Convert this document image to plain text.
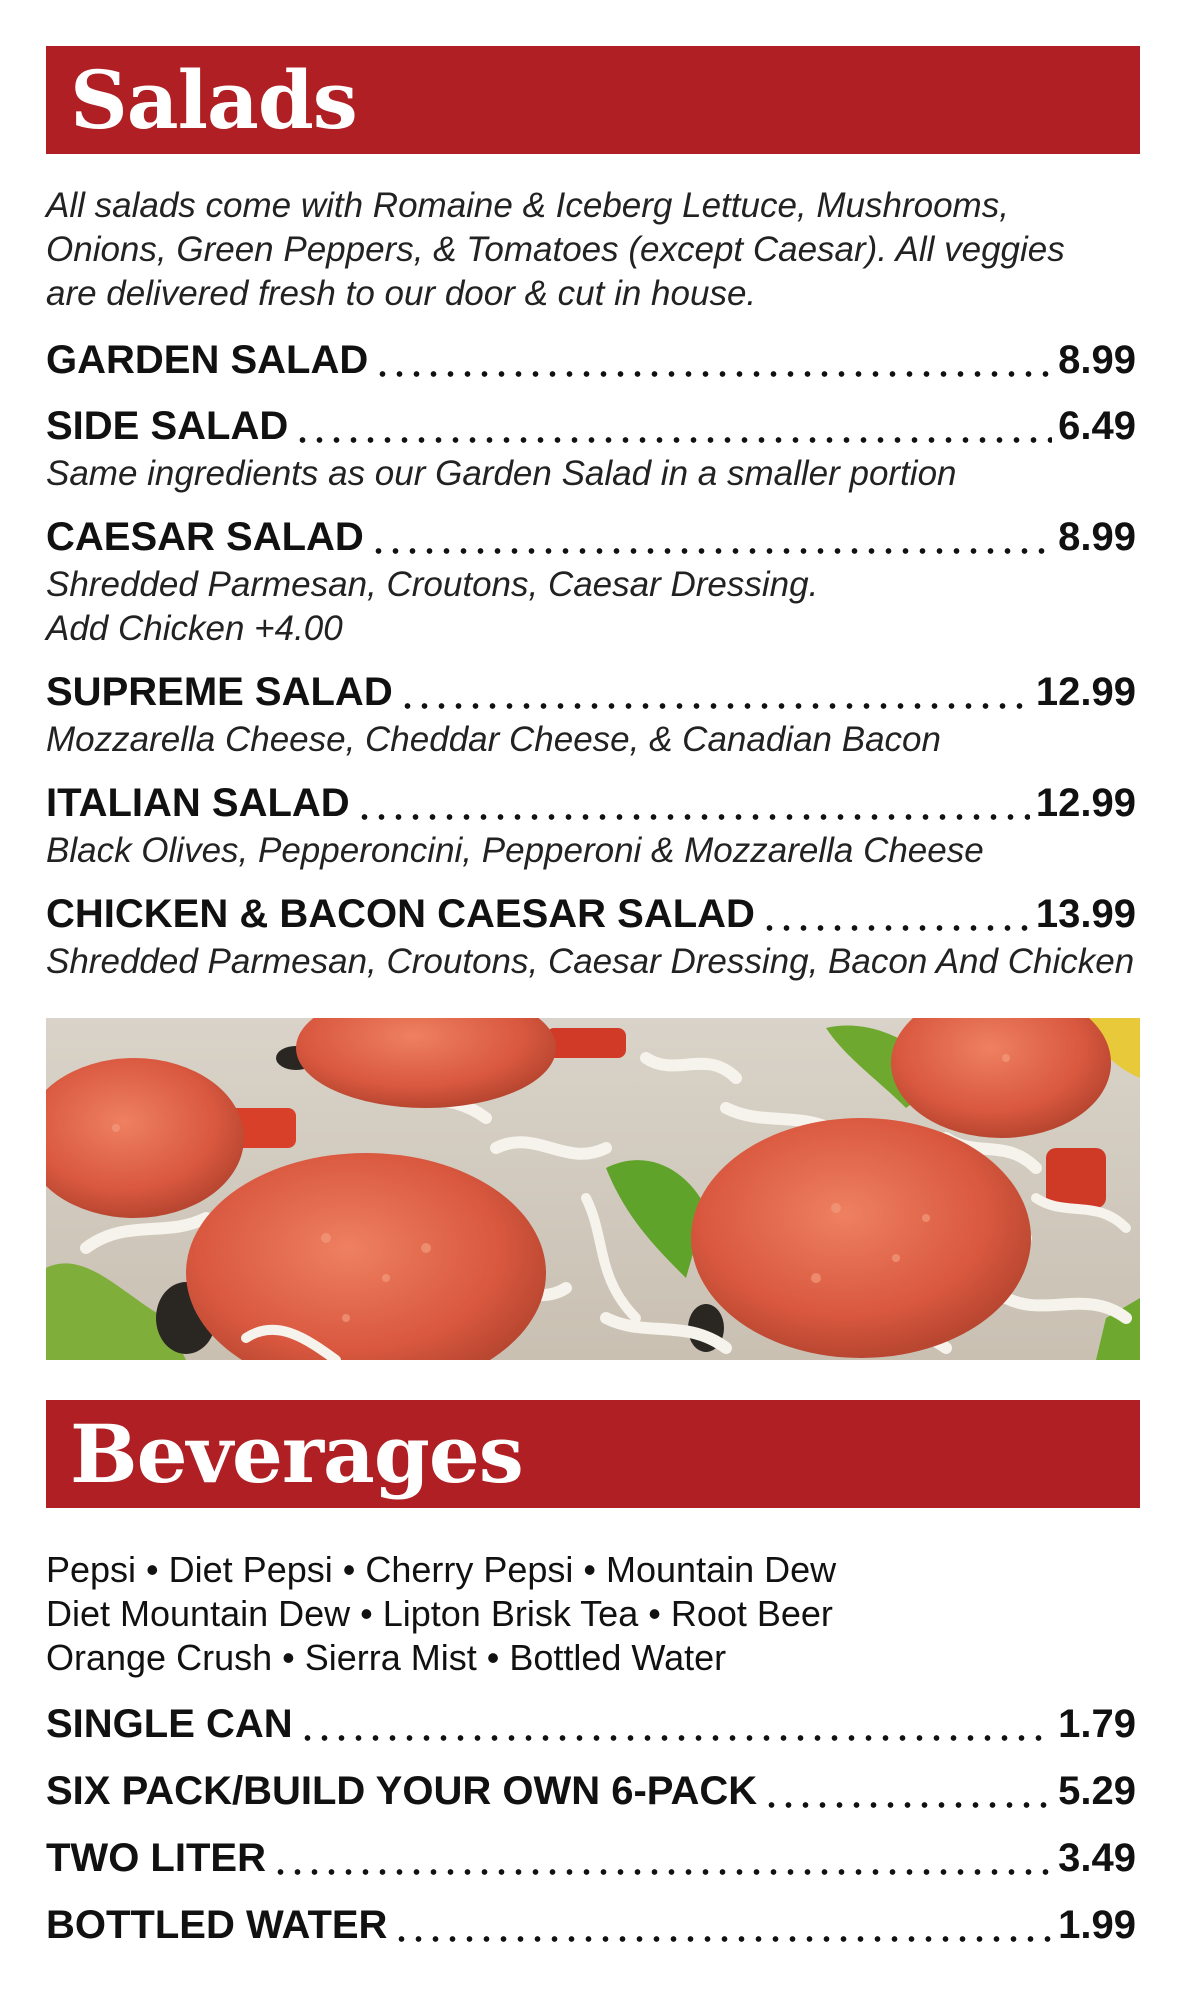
Salads

All salads come with Romaine & Iceberg Lettuce, Mushrooms,

Onions, Green Peppers, & Tomatoes (except Caesar). All veggies

are delivered fresh to our door & cut in house.

GARDEN SALAD	8.99
SIDE SALAD	6.49

Same ingredients as our Garden Salad in a smaller portion

CAESAR SALAD	8.99

Shredded Parmesan, Croutons, Caesar Dressing.

Add Chicken +4.00

SUPREME SALAD	12.99

Mozzarella Cheese, Cheddar Cheese, & Canadian Bacon

ITALIAN SALAD	12.99

Black Olives, Pepperoncini, Pepperoni & Mozzarella Cheese

CHICKEN & BACON CAESAR SALAD	13.99

Shredded Parmesan, Croutons, Caesar Dressing, Bacon And Chicken

Beverages

Pepsi • Diet Pepsi • Cherry Pepsi • Mountain Dew

Diet Mountain Dew • Lipton Brisk Tea • Root Beer

Orange Crush • Sierra Mist • Bottled Water

SINGLE CAN	1.79
SIX PACK/BUILD YOUR OWN 6-PACK	5.29
TWO LITER	3.49
BOTTLED WATER	1.99
